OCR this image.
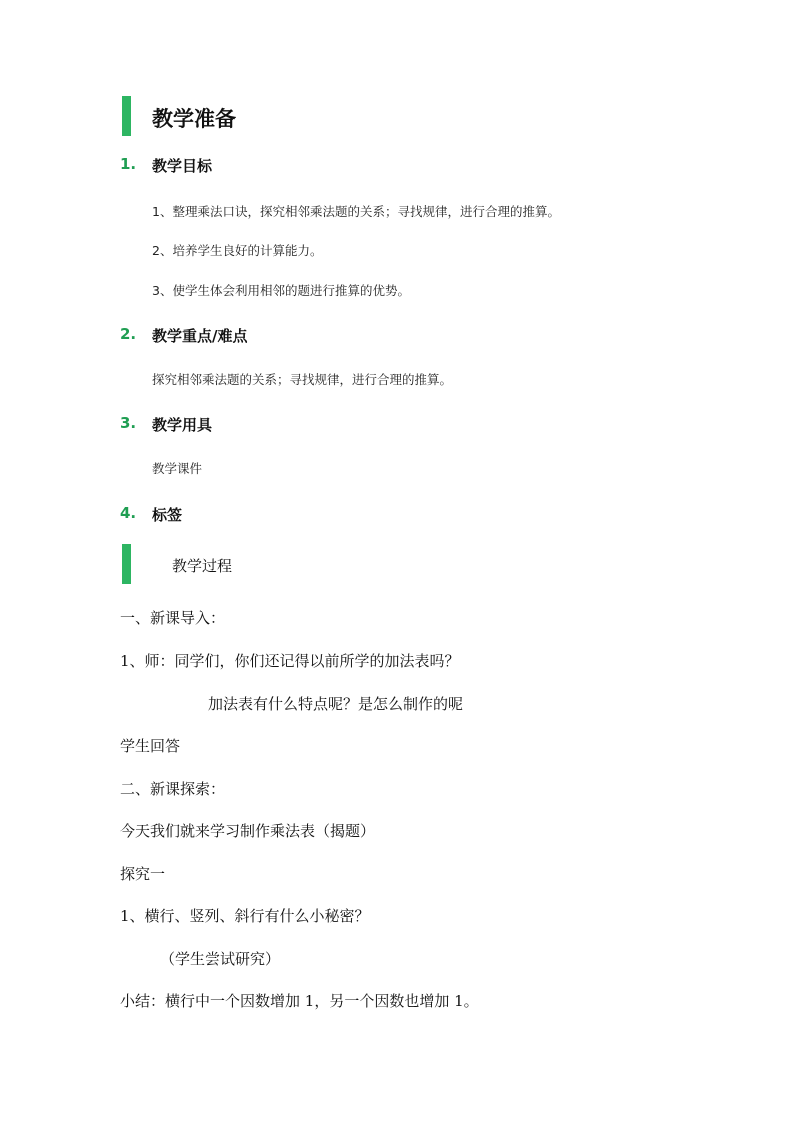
教学准备
1. 教学目标
1、整理乘法口诀，探究相邻乘法题的关系；寻找规律，进行合理的推算。
2、培养学生良好的计算能力。
3、使学生体会利用相邻的题进行推算的优势。
2. 教学重点/难点
探究相邻乘法题的关系；寻找规律，进行合理的推算。
3. 教学用具
教学课件
4. 标签
教学过程
一、新课导入：
1、师：同学们，你们还记得以前所学的加法表吗？
加法表有什么特点呢？是怎么制作的呢
学生回答
二、新课探索：
今天我们就来学习制作乘法表（揭题）
探究一
1、横行、竖列、斜行有什么小秘密？
（学生尝试研究）
小结：横行中一个因数增加 1，另一个因数也增加 1。
